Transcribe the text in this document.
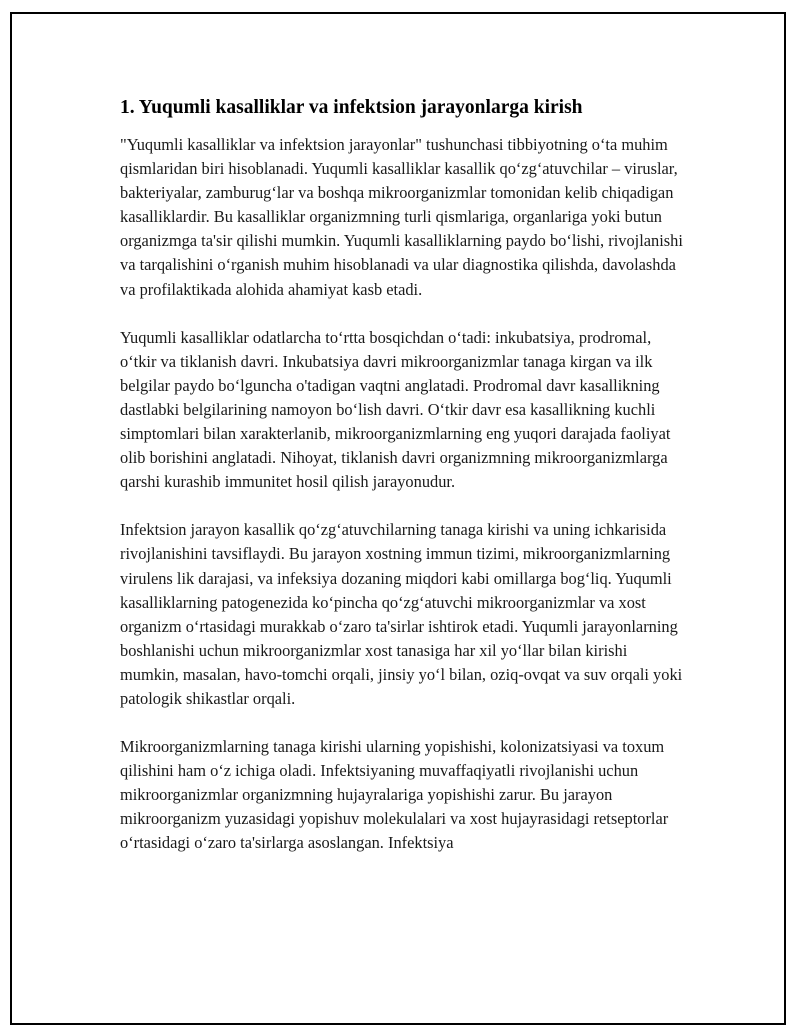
1. Yuqumli kasalliklar va infektsion jarayonlarga kirish

"Yuqumli kasalliklar va infektsion jarayonlar" tushunchasi tibbiyotning o‘ta muhim qismlaridan biri hisoblanadi. Yuqumli kasalliklar kasallik qo‘zg‘atuvchilar – viruslar, bakteriyalar, zamburug‘lar va boshqa mikroorganizmlar tomonidan kelib chiqadigan kasalliklardir. Bu kasalliklar organizmning turli qismlariga, organlariga yoki butun organizmga ta'sir qilishi mumkin. Yuqumli kasalliklarning paydo bo‘lishi, rivojlanishi va tarqalishini o‘rganish muhim hisoblanadi va ular diagnostika qilishda, davolashda va profilaktikada alohida ahamiyat kasb etadi.

Yuqumli kasalliklar odatlarcha to‘rtta bosqichdan o‘tadi: inkubatsiya, prodromal, o‘tkir va tiklanish davri. Inkubatsiya davri mikroorganizmlar tanaga kirgan va ilk belgilar paydo bo‘lguncha o'tadigan vaqtni anglatadi. Prodromal davr kasallikning dastlabki belgilarining namoyon bo‘lish davri. O‘tkir davr esa kasallikning kuchli simptomlari bilan xarakterlanib, mikroorganizmlarning eng yuqori darajada faoliyat olib borishini anglatadi. Nihoyat, tiklanish davri organizmning mikroorganizmlarga qarshi kurashib immunitet hosil qilish jarayonudur.

Infektsion jarayon kasallik qo‘zg‘atuvchilarning tanaga kirishi va uning ichkarisida rivojlanishini tavsiflaydi. Bu jarayon xostning immun tizimi, mikroorganizmlarning virulens lik darajasi, va infeksiya dozaning miqdori kabi omillarga bog‘liq. Yuqumli kasalliklarning patogenezida ko‘pincha qo‘zg‘atuvchi mikroorganizmlar va xost organizm o‘rtasidagi murakkab o‘zaro ta'sirlar ishtirok etadi. Yuqumli jarayonlarning boshlanishi uchun mikroorganizmlar xost tanasiga har xil yo‘llar bilan kirishi mumkin, masalan, havo-tomchi orqali, jinsiy yo‘l bilan, oziq-ovqat va suv orqali yoki patologik shikastlar orqali.

Mikroorganizmlarning tanaga kirishi ularning yopishishi, kolonizatsiyasi va toxum qilishini ham o‘z ichiga oladi. Infektsiyaning muvaffaqiyatli rivojlanishi uchun mikroorganizmlar organizmning hujayralariga yopishishi zarur. Bu jarayon mikroorganizm yuzasidagi yopishuv molekulalari va xost hujayrasidagi retseptorlar o‘rtasidagi o‘zaro ta'sirlarga asoslangan. Infektsiya
